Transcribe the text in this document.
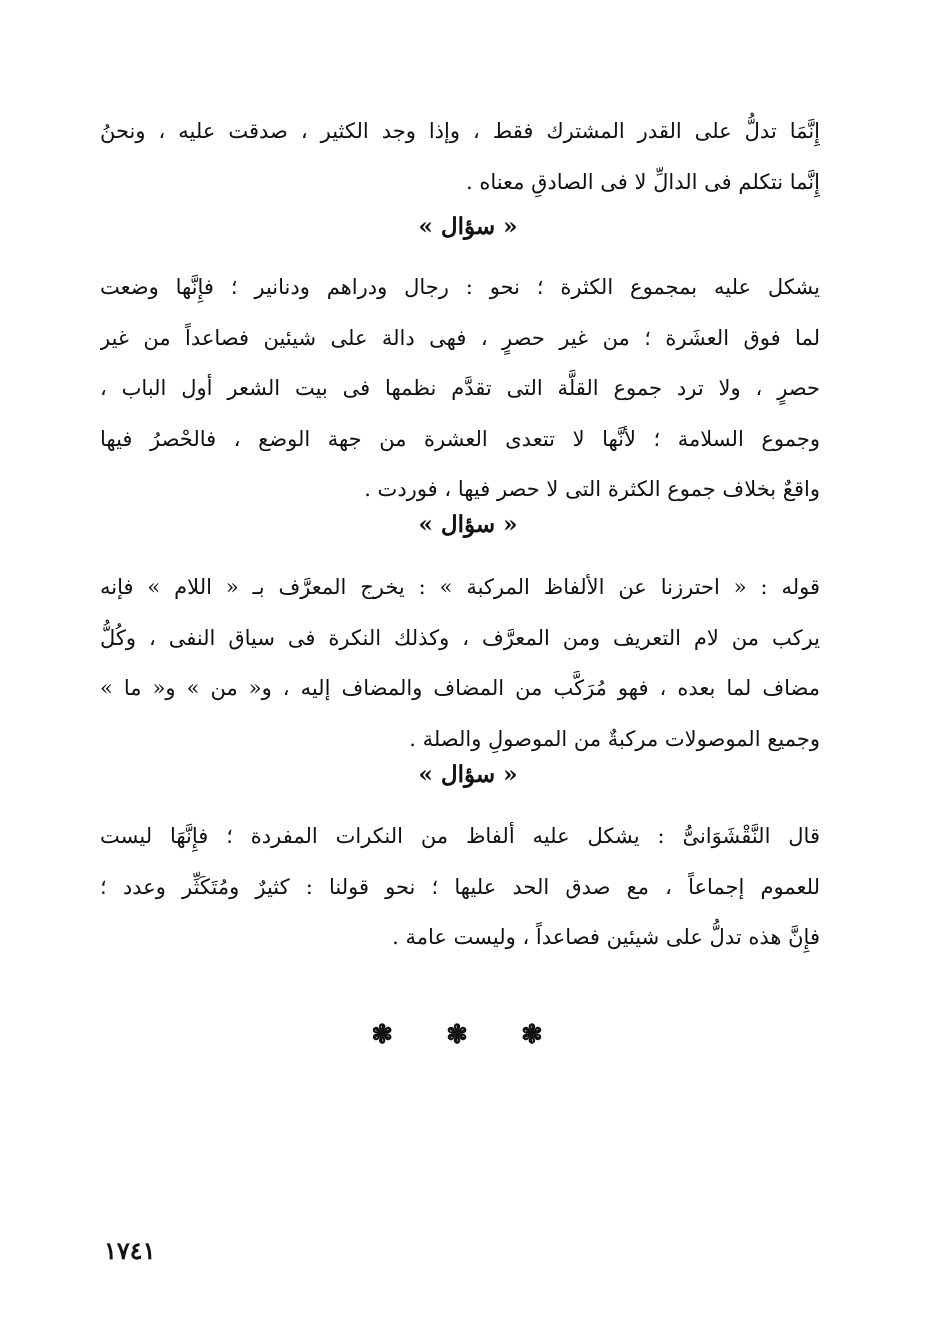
إِنَّمَا تدلُّ على القدر المشترك فقط ، وإذا وجد الكثير ، صدقت عليه ، ونحنُ
إِنَّما نتكلم فى الدالِّ لا فى الصادقِ معناه .
« سؤال »
يشكل عليه بمجموع الكثرة ؛ نحو : رجال ودراهم ودنانير ؛ فإِنَّها وضعت
لما فوق العشَرة ؛ من غير حصرٍ ، فهى دالة على شيئين فصاعداً من غير
حصرٍ ، ولا ترد جموع القلَّة التى تقدَّم نظمها فى بيت الشعر أول الباب ،
وجموع السلامة ؛ لأنَّها لا تتعدى العشرة من جهة الوضع ، فالحْصرُ فيها
واقعٌ بخلاف جموع الكثرة التى لا حصر فيها ، فوردت .
« سؤال »
قوله : « احترزنا عن الألفاظ المركبة » : يخرج المعرَّف بـ « اللام » فإنه
يركب من لام التعريف ومن المعرَّف ، وكذلك النكرة فى سياق النفى ، وكُلُّ
مضاف لما بعده ، فهو مُرَكَّب من المضاف والمضاف إليه ، و« من » و« ما »
وجميع الموصولات مركبةٌ من الموصولِ والصلة .
« سؤال »
قال النَّقْشَوَانىُّ : يشكل عليه ألفاظ من النكرات المفردة ؛ فإِنَّهَا ليست
للعموم إجماعاً ، مع صدق الحد عليها ؛ نحو قولنا : كثيرٌ ومُتَكَثِّر وعدد ؛
فإِنَّ هذه تدلُّ على شيئين فصاعداً ، وليست عامة .
❃ ❃ ❃
١٧٤١
